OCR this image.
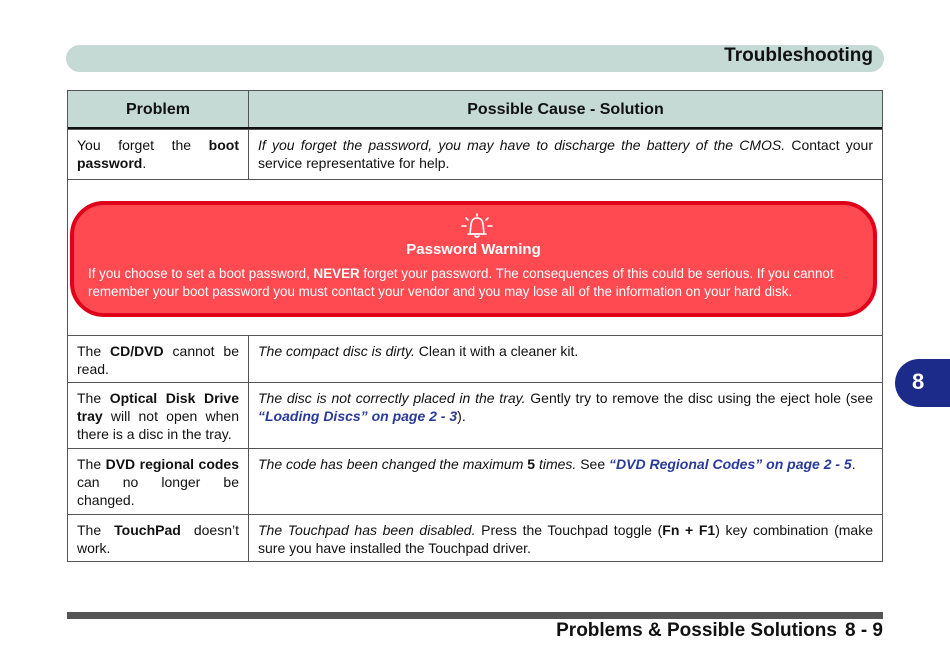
Troubleshooting
Problem	Possible Cause - Solution
You forget the boot password.
If you forget the password, you may have to discharge the battery of the CMOS. Contact your service representative for help.
Password Warning
If you choose to set a boot password, NEVER forget your password. The consequences of this could be serious. If you cannot remember your boot password you must contact your vendor and you may lose all of the information on your hard disk.
The CD/DVD cannot be read.
The compact disc is dirty. Clean it with a cleaner kit.
The Optical Disk Drive tray will not open when there is a disc in the tray.
The disc is not correctly placed in the tray. Gently try to remove the disc using the eject hole (see “Loading Discs” on page 2 - 3).
The DVD regional codes can no longer be changed.
The code has been changed the maximum 5 times. See “DVD Regional Codes” on page 2 - 5.
The TouchPad doesn’t work.
The Touchpad has been disabled. Press the Touchpad toggle (Fn + F1) key combination (make sure you have installed the Touchpad driver.
8
Problems & Possible Solutions 8 - 9
